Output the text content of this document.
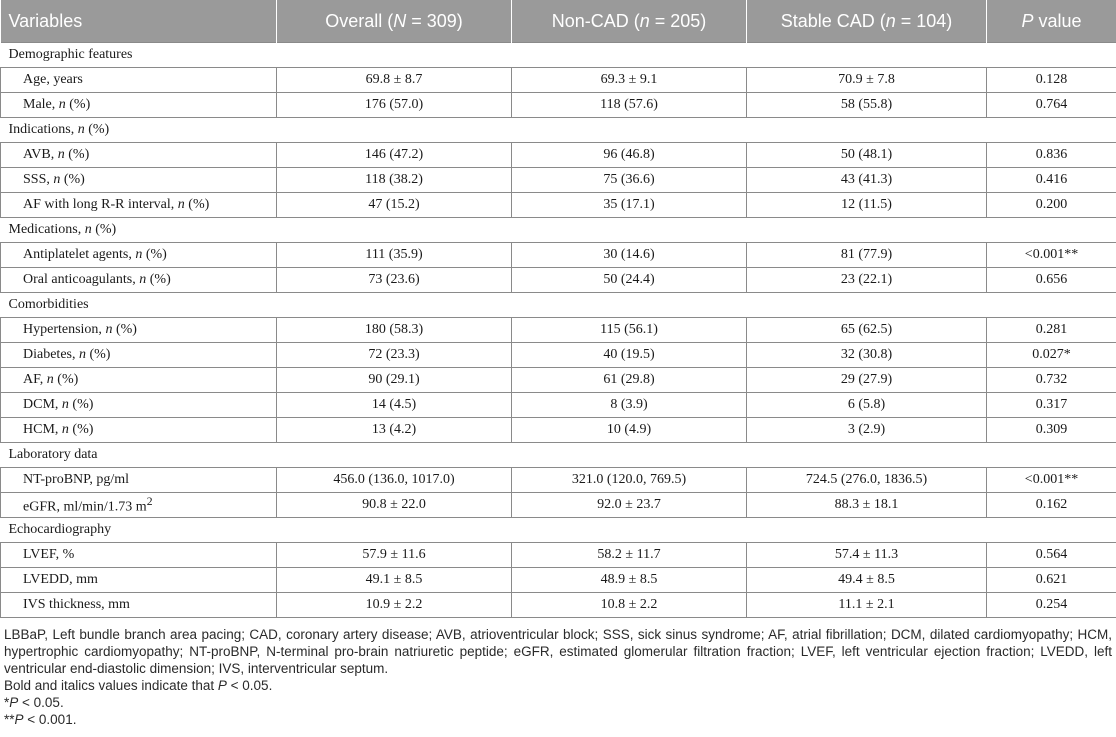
Variables	Overall (N = 309)	Non-CAD (n = 205)	Stable CAD (n = 104)	P value
Demographic features				
Age, years	69.8 ± 8.7	69.3 ± 9.1	70.9 ± 7.8	0.128
Male, n (%)	176 (57.0)	118 (57.6)	58 (55.8)	0.764
Indications, n (%)				
AVB, n (%)	146 (47.2)	96 (46.8)	50 (48.1)	0.836
SSS, n (%)	118 (38.2)	75 (36.6)	43 (41.3)	0.416
AF with long R-R interval, n (%)	47 (15.2)	35 (17.1)	12 (11.5)	0.200
Medications, n (%)				
Antiplatelet agents, n (%)	111 (35.9)	30 (14.6)	81 (77.9)	<0.001**
Oral anticoagulants, n (%)	73 (23.6)	50 (24.4)	23 (22.1)	0.656
Comorbidities				
Hypertension, n (%)	180 (58.3)	115 (56.1)	65 (62.5)	0.281
Diabetes, n (%)	72 (23.3)	40 (19.5)	32 (30.8)	0.027*
AF, n (%)	90 (29.1)	61 (29.8)	29 (27.9)	0.732
DCM, n (%)	14 (4.5)	8 (3.9)	6 (5.8)	0.317
HCM, n (%)	13 (4.2)	10 (4.9)	3 (2.9)	0.309
Laboratory data				
NT-proBNP, pg/ml	456.0 (136.0, 1017.0)	321.0 (120.0, 769.5)	724.5 (276.0, 1836.5)	<0.001**
eGFR, ml/min/1.73 $m^2$	90.8 ± 22.0	92.0 ± 23.7	88.3 ± 18.1	0.162
Echocardiography				
LVEF, %	57.9 ± 11.6	58.2 ± 11.7	57.4 ± 11.3	0.564
LVEDD, mm	49.1 ± 8.5	48.9 ± 8.5	49.4 ± 8.5	0.621
IVS thickness, mm	10.9 ± 2.2	10.8 ± 2.2	11.1 ± 2.1	0.254

LBBaP, Left bundle branch area pacing; CAD, coronary artery disease; AVB, atrioventricular block; SSS, sick sinus syndrome; AF, atrial fibrillation; DCM, dilated cardiomyopathy; HCM, hypertrophic cardiomyopathy; NT-proBNP, N-terminal pro-brain natriuretic peptide; eGFR, estimated glomerular filtration fraction; LVEF, left ventricular ejection fraction; LVEDD, left ventricular end-diastolic dimension; IVS, interventricular septum.

Bold and italics values indicate that P < 0.05.

*P < 0.05.

**P < 0.001.
